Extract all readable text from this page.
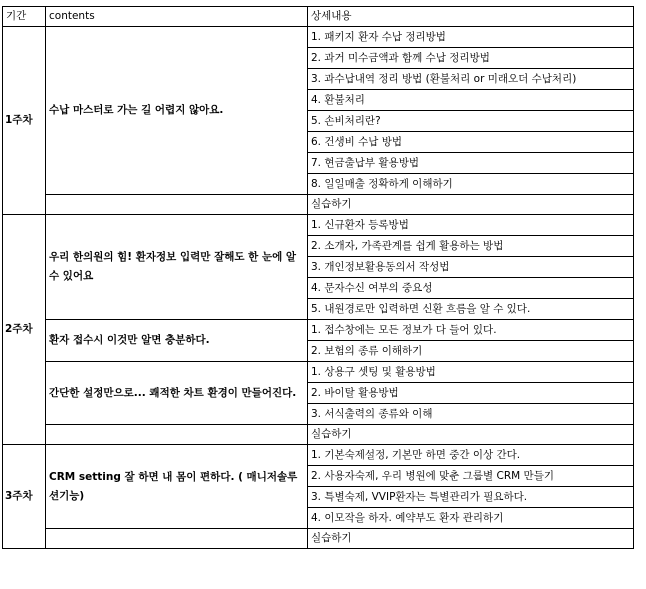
기간	contents	상세내용
1주차	수납 마스터로 가는 길 어렵지 않아요.	1. 패키지 환자 수납 정리방법
		2. 과거 미수금액과 함께 수납 정리방법
		3. 과수납내역 정리 방법 (환불처리 or 미래오더 수납처리)
		4. 환불처리
		5. 손비처리란?
		6. 건생비 수납 방법
		7. 현금출납부 활용방법
		8. 일일매출 정확하게 이해하기
		실습하기
2주차	우리 한의원의 힘! 환자정보 입력만 잘해도 한 눈에 알 수 있어요	1. 신규환자 등록방법
		2. 소개자, 가족관계를 쉽게 활용하는 방법
		3. 개인정보활용동의서 작성법
		4. 문자수신 여부의 중요성
		5. 내원경로만 입력하면 신환 흐름을 알 수 있다.
	환자 접수시 이것만 알면 충분하다.	1. 접수창에는 모든 정보가 다 들어 있다.
		2. 보험의 종류 이해하기
	간단한 설정만으로... 쾌적한 차트 환경이 만들어진다.	1. 상용구 셋팅 및 활용방법
		2. 바이탈 활용방법
		3. 서식출력의 종류와 이해
		실습하기
3주차	CRM setting 잘 하면 내 몸이 편하다. ( 매니저솔루션기능)	1. 기본숙제설정, 기본만 하면 중간 이상 간다.
		2. 사용자숙제, 우리 병원에 맞춘 그룹별 CRM 만들기
		3. 특별숙제, VVIP환자는 특별관리가 필요하다.
		4. 이모작을 하자. 예약부도 환자 관리하기
		실습하기
